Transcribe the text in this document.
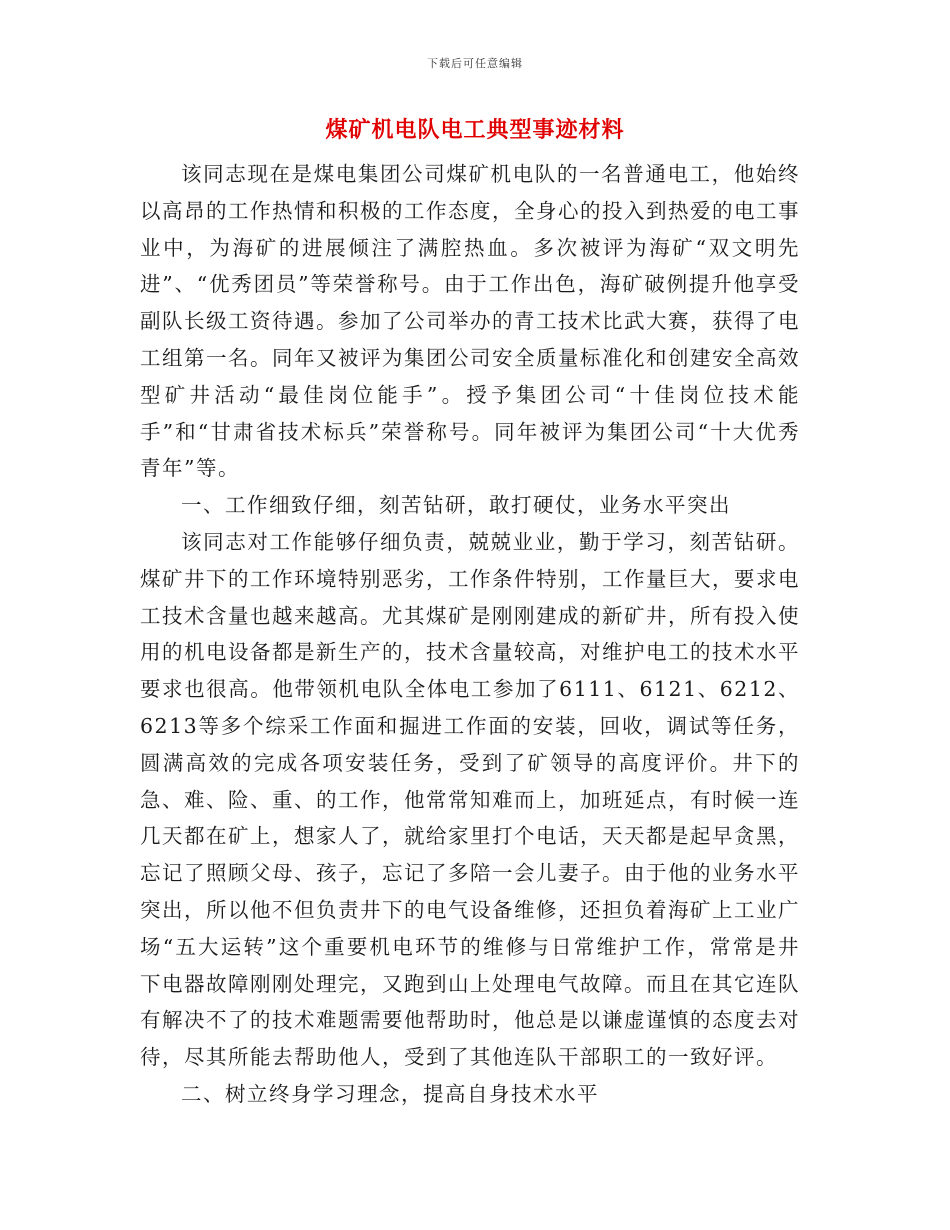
下载后可任意编辑
煤矿机电队电工典型事迹材料

该同志现在是煤电集团公司煤矿机电队的一名普通电工，他始终以高昂的工作热情和积极的工作态度，全身心的投入到热爱的电工事业中，为海矿的进展倾注了满腔热血。多次被评为海矿“双文明先进”、“优秀团员”等荣誉称号。由于工作出色，海矿破例提升他享受副队长级工资待遇。参加了公司举办的青工技术比武大赛，获得了电工组第一名。同年又被评为集团公司安全质量标准化和创建安全高效型矿井活动“最佳岗位能手”。授予集团公司“十佳岗位技术能手”和“甘肃省技术标兵”荣誉称号。同年被评为集团公司“十大优秀青年”等。

一、工作细致仔细，刻苦钻研，敢打硬仗，业务水平突出

该同志对工作能够仔细负责，兢兢业业，勤于学习，刻苦钻研。煤矿井下的工作环境特别恶劣，工作条件特别，工作量巨大，要求电工技术含量也越来越高。尤其煤矿是刚刚建成的新矿井，所有投入使用的机电设备都是新生产的，技术含量较高，对维护电工的技术水平要求也很高。他带领机电队全体电工参加了6111、6121、6212、6213等多个综采工作面和掘进工作面的安装，回收，调试等任务，圆满高效的完成各项安装任务，受到了矿领导的高度评价。井下的急、难、险、重、的工作，他常常知难而上，加班延点，有时候一连几天都在矿上，想家人了，就给家里打个电话，天天都是起早贪黑，忘记了照顾父母、孩子，忘记了多陪一会儿妻子。由于他的业务水平突出，所以他不但负责井下的电气设备维修，还担负着海矿上工业广场“五大运转”这个重要机电环节的维修与日常维护工作，常常是井下电器故障刚刚处理完，又跑到山上处理电气故障。而且在其它连队有解决不了的技术难题需要他帮助时，他总是以谦虚谨慎的态度去对待，尽其所能去帮助他人，受到了其他连队干部职工的一致好评。

二、树立终身学习理念，提高自身技术水平
